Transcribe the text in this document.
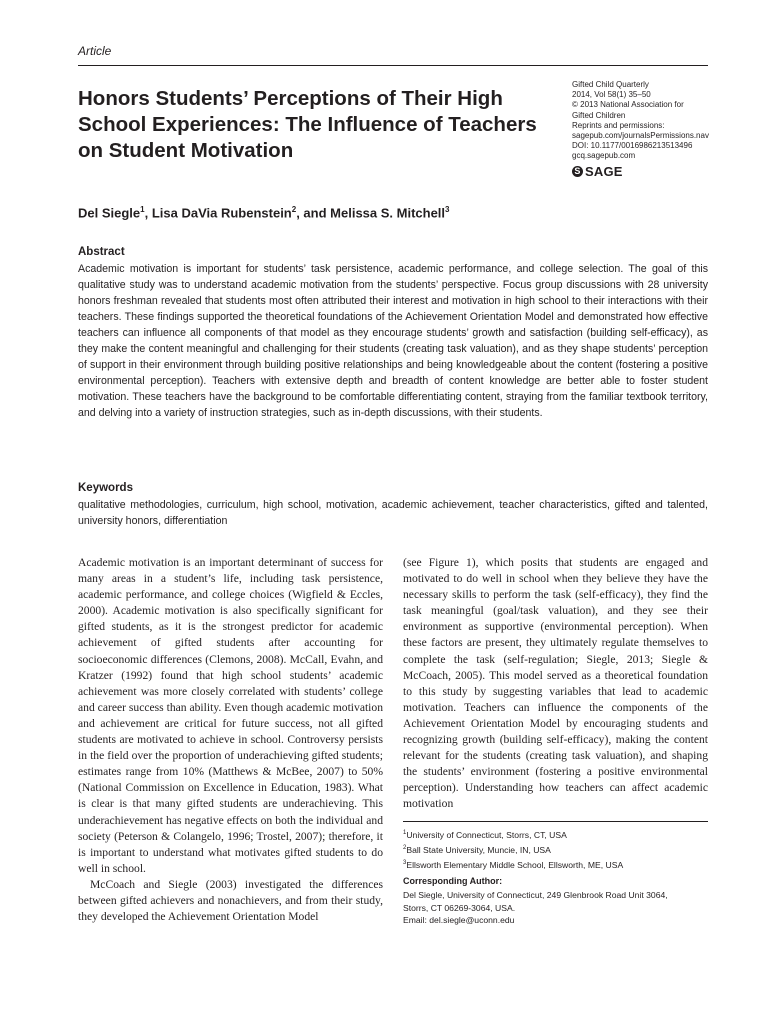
Article
Gifted Child Quarterly
2014, Vol 58(1) 35–50
© 2013 National Association for
Gifted Children
Reprints and permissions:
sagepub.com/journalsPermissions.nav
DOI: 10.1177/0016986213513496
gcq.sagepub.com
S SAGE
Honors Students’ Perceptions of Their High School Experiences: The Influence of Teachers on Student Motivation
Del Siegle$^1$, Lisa DaVia Rubenstein$^2$, and Melissa S. Mitchell$^3$
Abstract
Academic motivation is important for students’ task persistence, academic performance, and college selection. The goal of this qualitative study was to understand academic motivation from the students’ perspective. Focus group discussions with 28 university honors freshman revealed that students most often attributed their interest and motivation in high school to their interactions with their teachers. These findings supported the theoretical foundations of the Achievement Orientation Model and demonstrated how effective teachers can influence all components of that model as they encourage students’ growth and satisfaction (building self-efficacy), as they make the content meaningful and challenging for their students (creating task valuation), and as they shape students’ perception of support in their environment through building positive relationships and being knowledgeable about the content (fostering a positive environmental perception). Teachers with extensive depth and breadth of content knowledge are better able to foster student motivation. These teachers have the background to be comfortable differentiating content, straying from the familiar textbook territory, and delving into a variety of instruction strategies, such as in-depth discussions, with their students.
Keywords
qualitative methodologies, curriculum, high school, motivation, academic achievement, teacher characteristics, gifted and talented, university honors, differentiation

Academic motivation is an important determinant of success for many areas in a student’s life, including task persistence, academic performance, and college choices (Wigfield & Eccles, 2000). Academic motivation is also specifically significant for gifted students, as it is the strongest predictor for academic achievement of gifted students after accounting for socioeconomic differences (Clemons, 2008). McCall, Evahn, and Kratzer (1992) found that high school students’ academic achievement was more closely correlated with students’ college and career success than ability. Even though academic motivation and achievement are critical for future success, not all gifted students are motivated to achieve in school. Controversy persists in the field over the proportion of underachieving gifted students; estimates range from 10% (Matthews & McBee, 2007) to 50% (National Commission on Excellence in Education, 1983). What is clear is that many gifted students are underachieving. This underachievement has negative effects on both the individual and society (Peterson & Colangelo, 1996; Trostel, 2007); therefore, it is important to understand what motivates gifted students to do well in school.

McCoach and Siegle (2003) investigated the differences between gifted achievers and nonachievers, and from their study, they developed the Achievement Orientation Model

(see Figure 1), which posits that students are engaged and motivated to do well in school when they believe they have the necessary skills to perform the task (self-efficacy), they find the task meaningful (goal/task valuation), and they see their environment as supportive (environmental perception). When these factors are present, they ultimately regulate themselves to complete the task (self-regulation; Siegle, 2013; Siegle & McCoach, 2005). This model served as a theoretical foundation to this study by suggesting variables that lead to academic motivation. Teachers can influence the components of the Achievement Orientation Model by encouraging students and recognizing growth (building self-efficacy), making the content relevant for the students (creating task valuation), and shaping the students’ environment (fostering a positive environmental perception). Understanding how teachers can affect academic motivation

$^1$University of Connecticut, Storrs, CT, USA
$^2$Ball State University, Muncie, IN, USA
$^3$Ellsworth Elementary Middle School, Ellsworth, ME, USA
Corresponding Author:
Del Siegle, University of Connecticut, 249 Glenbrook Road Unit 3064,
Storrs, CT 06269-3064, USA.
Email: del.siegle@uconn.edu
